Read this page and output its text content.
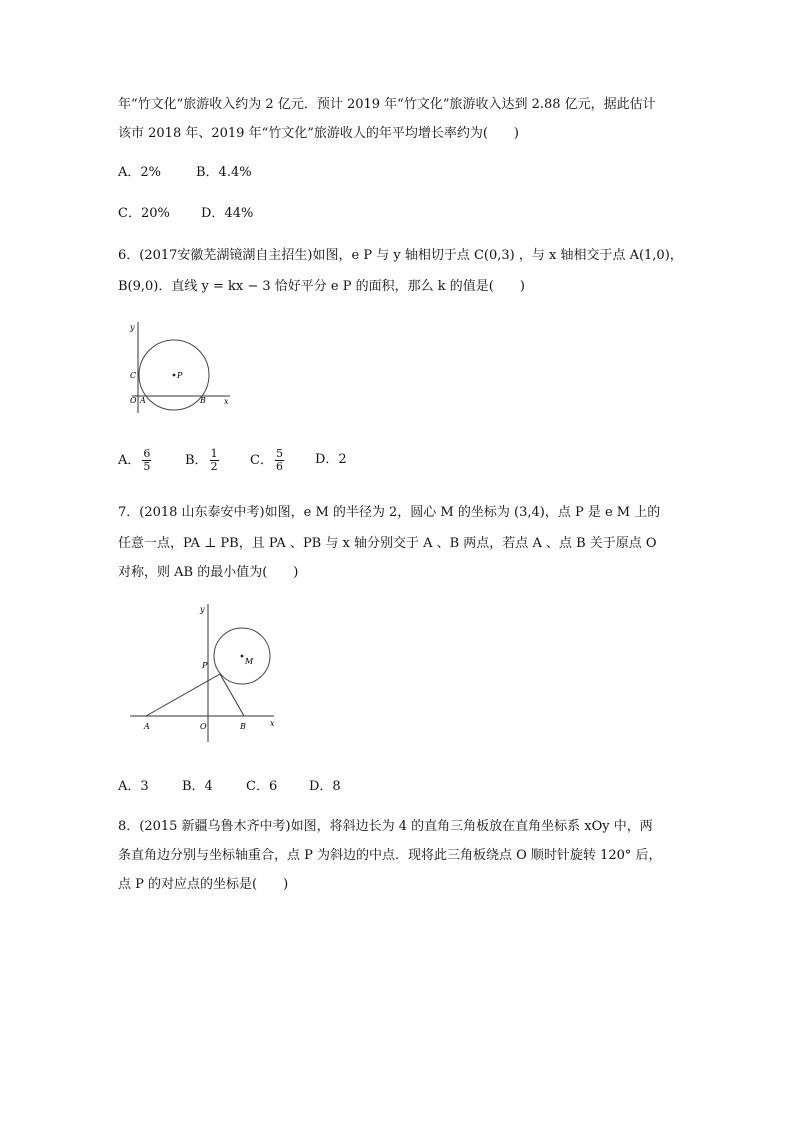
年“竹文化”旅游收入约为 2 亿元．预计 2019 年“竹文化”旅游收入达到 2.88 亿元，据此估计
该市 2018 年、2019 年“竹文化”旅游收人的年平均增长率约为(　　)
A．2%	B．4.4%
C．20% D．44%
6．(2017安徽芜湖镜湖自主招生)如图，e P 与 y 轴相切于点 C(0,3) ，与 x 轴相交于点 A(1,0)，
B(9,0)．直线 y = kx − 3 恰好平分 e P 的面积，那么 k 的值是(　　)
y
x
C	P
O A	B
A． $\frac{6}{5}$	B． $\frac{1}{2}$ C． $\frac{5}{6}$ D．2
7．(2018 山东泰安中考)如图，e M 的半径为 2，圆心 M 的坐标为 (3,4)，点 P 是 e M 上的
任意一点，PA ⊥ PB，且 PA 、PB 与 x 轴分别交于 A 、B 两点，若点 A 、点 B 关于原点 O
对称，则 AB 的最小值为(　　)
y
x
P	M
A	O	B
A．3	B．4	C．6 D．8
8．(2015 新疆乌鲁木齐中考)如图，将斜边长为 4 的直角三角板放在直角坐标系 xOy 中，两
条直角边分别与坐标轴重合，点 P 为斜边的中点．现将此三角板绕点 O 顺时针旋转 120° 后，
点 P 的对应点的坐标是(　　)
